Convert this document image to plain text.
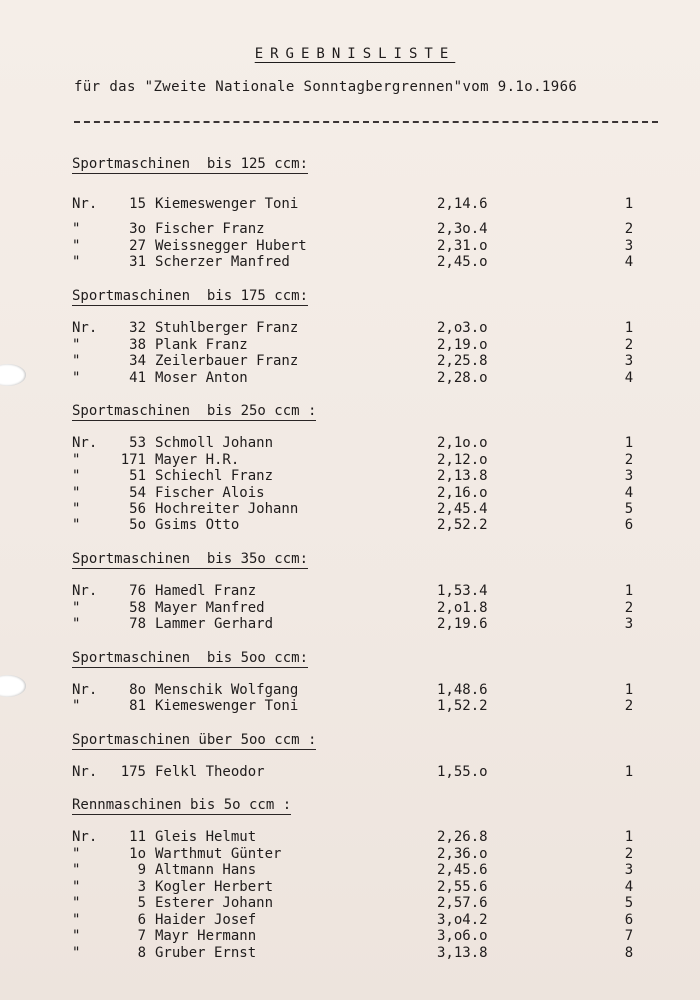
ERGEBNISLISTE
für das "Zweite Nationale Sonntagbergrennen"vom 9.1o.1966
Sportmaschinen  bis 125 ccm:
Nr.	15 Kiemeswenger Toni	2,14.6	1
"	3o Fischer Franz	2,3o.4	2
"	27 Weissnegger Hubert	2,31.o	3
"	31 Scherzer Manfred	2,45.o	4
Sportmaschinen  bis 175 ccm:
Nr.	32 Stuhlberger Franz	2,o3.o	1
"	38 Plank Franz	2,19.o	2
"	34 Zeilerbauer Franz	2,25.8	3
"	41 Moser Anton	2,28.o	4
Sportmaschinen  bis 25o ccm :
Nr.	53 Schmoll Johann	2,1o.o	1
"	171 Mayer H.R.	2,12.o	2
"	51 Schiechl Franz	2,13.8	3
"	54 Fischer Alois	2,16.o	4
"	56 Hochreiter Johann	2,45.4	5
"	5o Gsims Otto	2,52.2	6
Sportmaschinen  bis 35o ccm:
Nr.	76 Hamedl Franz	1,53.4	1
"	58 Mayer Manfred	2,o1.8	2
"	78 Lammer Gerhard	2,19.6	3
Sportmaschinen  bis 5oo ccm:
Nr.	8o Menschik Wolfgang	1,48.6	1
"	81 Kiemeswenger Toni	1,52.2	2
Sportmaschinen über 5oo ccm :
Nr.	175 Felkl Theodor	1,55.o	1
Rennmaschinen bis 5o ccm :
Nr.	11 Gleis Helmut	2,26.8	1
"	1o Warthmut Günter	2,36.o	2
"	9 Altmann Hans	2,45.6	3
"	3 Kogler Herbert	2,55.6	4
"	5 Esterer Johann	2,57.6	5
"	6 Haider Josef	3,o4.2	6
"	7 Mayr Hermann	3,o6.o	7
"	8 Gruber Ernst	3,13.8	8
